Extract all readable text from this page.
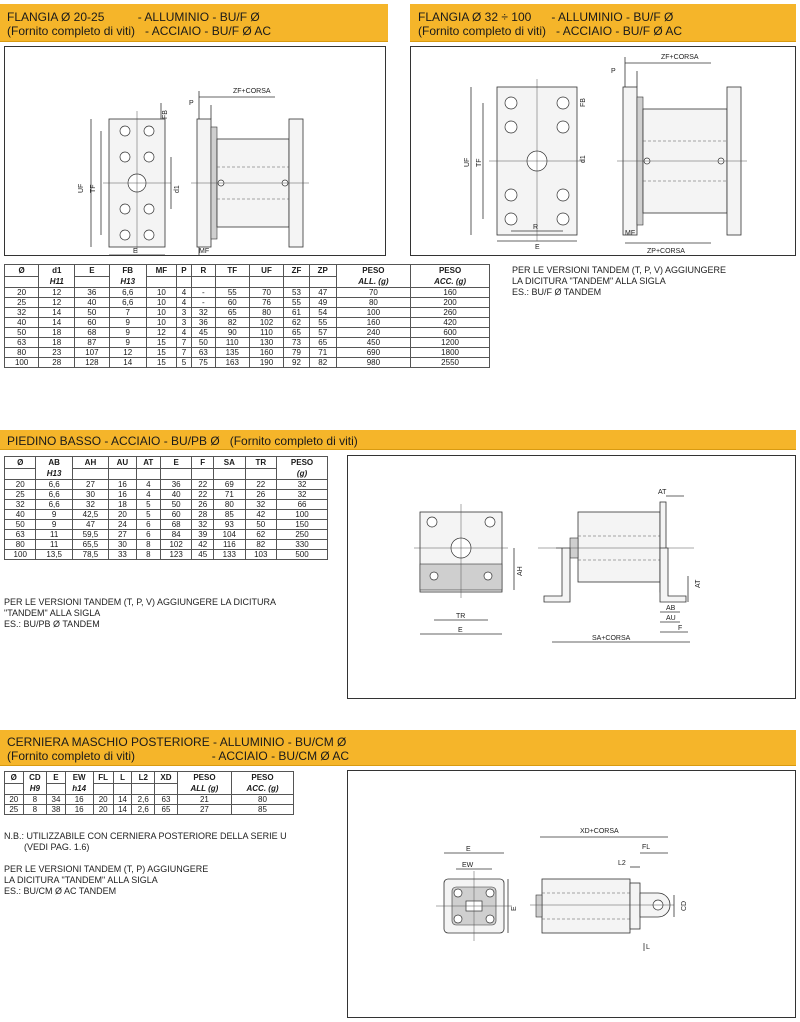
FLANGIA Ø 20-25          - ALLUMINIO - BU/F Ø
(Fornito completo di viti)   - ACCIAIO - BU/F Ø AC
FLANGIA Ø 32 ÷ 100      - ALLUMINIO - BU/F Ø
(Fornito completo di viti)   - ACCIAIO - BU/F Ø AC
P
ZF+CORSA
FB
UF TF	d1
E	MF
UF TF
FB
d1
R
E
P
ZF+CORSA
MF
ZP+CORSA
Ø	d1	E	FB	MF	P	R	TF	UF	ZF	ZP	PESO	PESO
	H11		H13								ALL. (g)	ACC. (g)
20	12	36	6,6	10	4	-	55	70	53	47	70	160
25	12	40	6,6	10	4	-	60	76	55	49	80	200
32	14	50	7	10	3	32	65	80	61	54	100	260
40	14	60	9	10	3	36	82	102	62	55	160	420
50	18	68	9	12	4	45	90	110	65	57	240	600
63	18	87	9	15	7	50	110	130	73	65	450	1200
80	23	107	12	15	7	63	135	160	79	71	690	1800
100	28	128	14	15	5	75	163	190	92	82	980	2550
PER LE VERSIONI TANDEM (T, P, V) AGGIUNGERE
LA DICITURA "TANDEM" ALLA SIGLA
ES.: BU/F Ø TANDEM
PIEDINO BASSO - ACCIAIO - BU/PB Ø   (Fornito completo di viti)
Ø	AB	AH	AU	AT	E	F	SA	TR	PESO
	H13								(g)
20	6,6	27	16	4	36	22	69	22	32
25	6,6	30	16	4	40	22	71	26	32
32	6,6	32	18	5	50	26	80	32	66
40	9	42,5	20	5	60	28	85	42	100
50	9	47	24	6	68	32	93	50	150
63	11	59,5	27	6	84	39	104	62	250
80	11	65,5	30	8	102	42	116	82	330
100	13,5	78,5	33	8	123	45	133	103	500
PER LE VERSIONI TANDEM (T, P, V) AGGIUNGERE LA DICITURA
"TANDEM" ALLA SIGLA
ES.: BU/PB Ø TANDEM
AH
TR
E
AT
AT
AB
AU
F
SA+CORSA
CERNIERA MASCHIO POSTERIORE - ALLUMINIO - BU/CM Ø
(Fornito completo di viti)                       - ACCIAIO - BU/CM Ø AC
Ø	CD	E	EW	FL	L	L2	XD	PESO	PESO
	H9		h14					ALL (g)	ACC. (g)
20	8	34	16	20	14	2,6	63	21	80
25	8	38	16	20	14	2,6	65	27	85
N.B.: UTILIZZABILE CON CERNIERA POSTERIORE DELLA SERIE U
(VEDI PAG. 1.6)
PER LE VERSIONI TANDEM (T, P) AGGIUNGERE
LA DICITURA "TANDEM" ALLA SIGLA
ES.: BU/CM Ø AC TANDEM
E
EW
E
XD+CORSA
FL
L2
CD
L
